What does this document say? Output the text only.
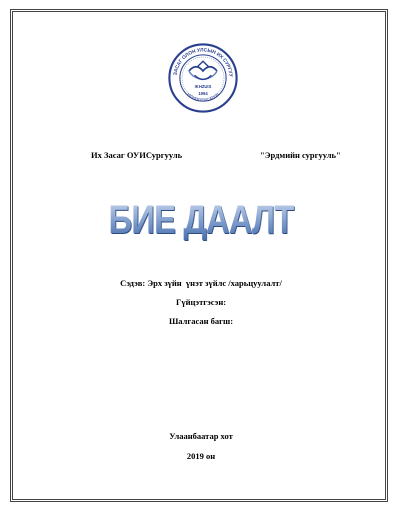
ЗАСАГ ОЛОН УЛСЫН ИХ СУРГУУ
IKHZUIS
1994
HIGHER EDUCATION
Их Засаг ОУИСургууль	"Эрдмийн сургууль"
БИЕ ДААЛТ
Сэдэв: Эрх зүйн  үнэт зүйлс /харьцуулалт/
Гүйцэтгэсэн:
Шалгасан багш:
Улаанбаатар хот
2019 он
